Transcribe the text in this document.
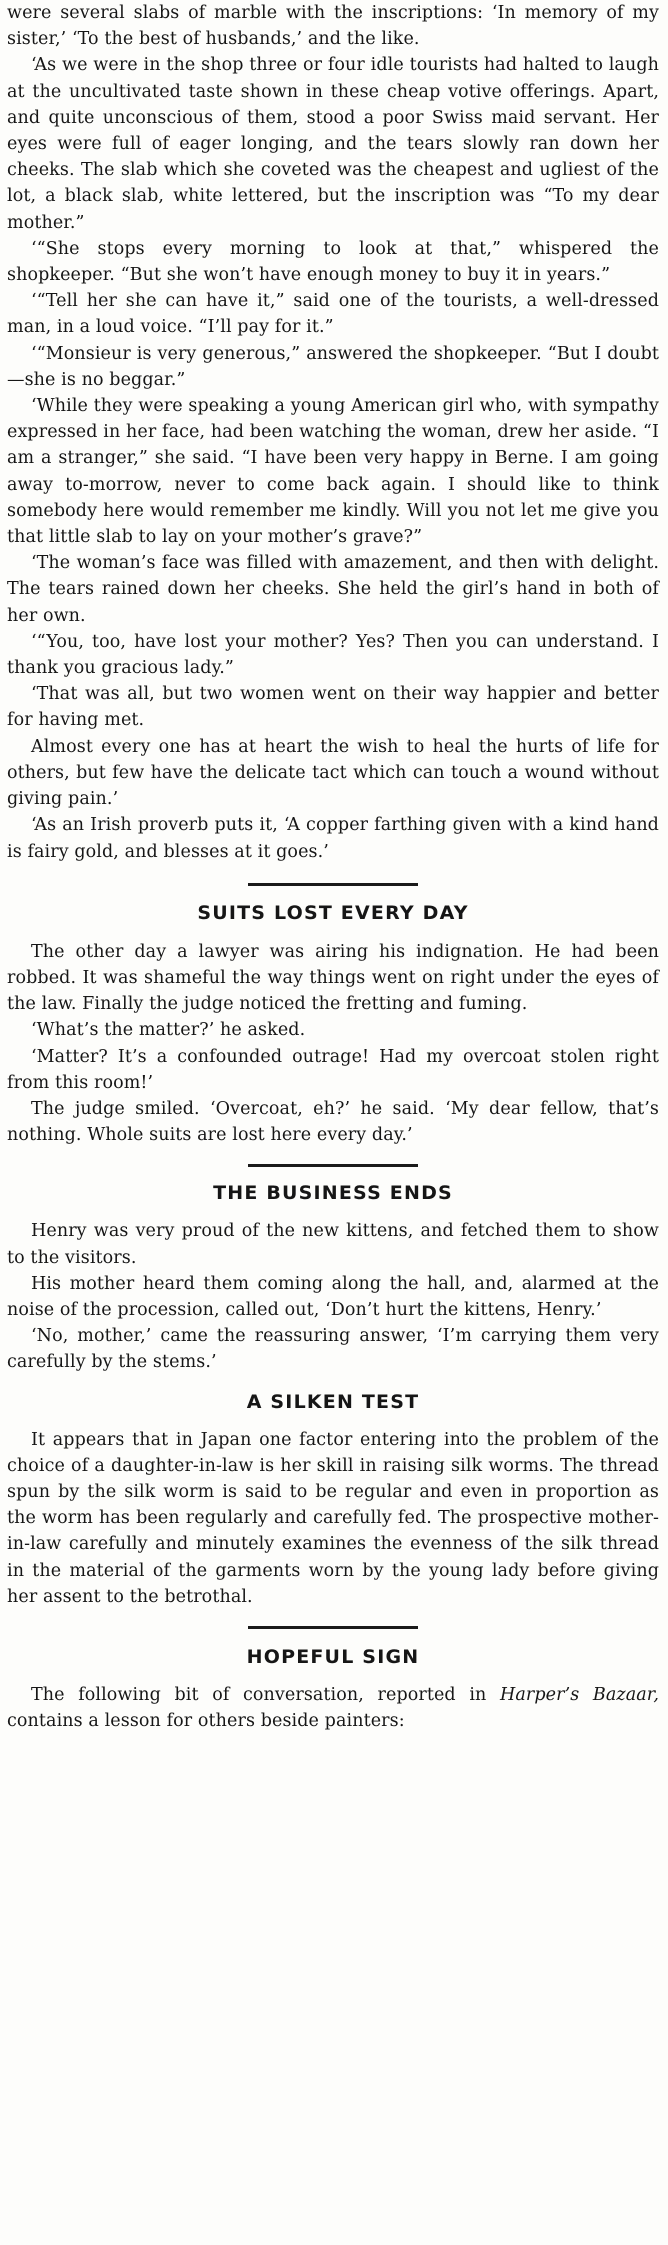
were several slabs of marble with the inscriptions: ‘In memory of my sister,’ ‘To the best of husbands,’ and the like.

‘As we were in the shop three or four idle tourists had halted to laugh at the uncultivated taste shown in these cheap votive offerings. Apart, and quite unconscious of them, stood a poor Swiss maid servant. Her eyes were full of eager longing, and the tears slowly ran down her cheeks. The slab which she coveted was the cheapest and ugliest of the lot, a black slab, white lettered, but the inscription was “To my dear mother.”

‘“She stops every morning to look at that,” whispered the shopkeeper. “But she won’t have enough money to buy it in years.”

‘“Tell her she can have it,” said one of the tourists, a well-dressed man, in a loud voice. “I’ll pay for it.”

‘“Monsieur is very generous,” answered the shopkeeper. “But I doubt—she is no beggar.”

‘While they were speaking a young American girl who, with sympathy expressed in her face, had been watching the woman, drew her aside. “I am a stranger,” she said. “I have been very happy in Berne. I am going away to-morrow, never to come back again. I should like to think somebody here would remember me kindly. Will you not let me give you that little slab to lay on your mother’s grave?”

‘The woman’s face was filled with amazement, and then with delight. The tears rained down her cheeks. She held the girl’s hand in both of her own.

‘“You, too, have lost your mother? Yes? Then you can understand. I thank you gracious lady.”

‘That was all, but two women went on their way happier and better for having met.

Almost every one has at heart the wish to heal the hurts of life for others, but few have the delicate tact which can touch a wound without giving pain.’

‘As an Irish proverb puts it, ‘A copper farthing given with a kind hand is fairy gold, and blesses at it goes.’

SUITS LOST EVERY DAY

The other day a lawyer was airing his indignation. He had been robbed. It was shameful the way things went on right under the eyes of the law. Finally the judge noticed the fretting and fuming.

‘What’s the matter?’ he asked.

‘Matter? It’s a confounded outrage! Had my overcoat stolen right from this room!’

The judge smiled. ‘Overcoat, eh?’ he said. ‘My dear fellow, that’s nothing. Whole suits are lost here every day.’

THE BUSINESS ENDS

Henry was very proud of the new kittens, and fetched them to show to the visitors.

His mother heard them coming along the hall, and, alarmed at the noise of the procession, called out, ‘Don’t hurt the kittens, Henry.’

‘No, mother,’ came the reassuring answer, ‘I’m carrying them very carefully by the stems.’

A SILKEN TEST

It appears that in Japan one factor entering into the problem of the choice of a daughter-in-law is her skill in raising silk worms. The thread spun by the silk worm is said to be regular and even in proportion as the worm has been regularly and carefully fed. The prospective mother-in-law carefully and minutely examines the evenness of the silk thread in the material of the garments worn by the young lady before giving her assent to the betrothal.

HOPEFUL SIGN

The following bit of conversation, reported in Harper’s Bazaar, contains a lesson for others beside painters:
